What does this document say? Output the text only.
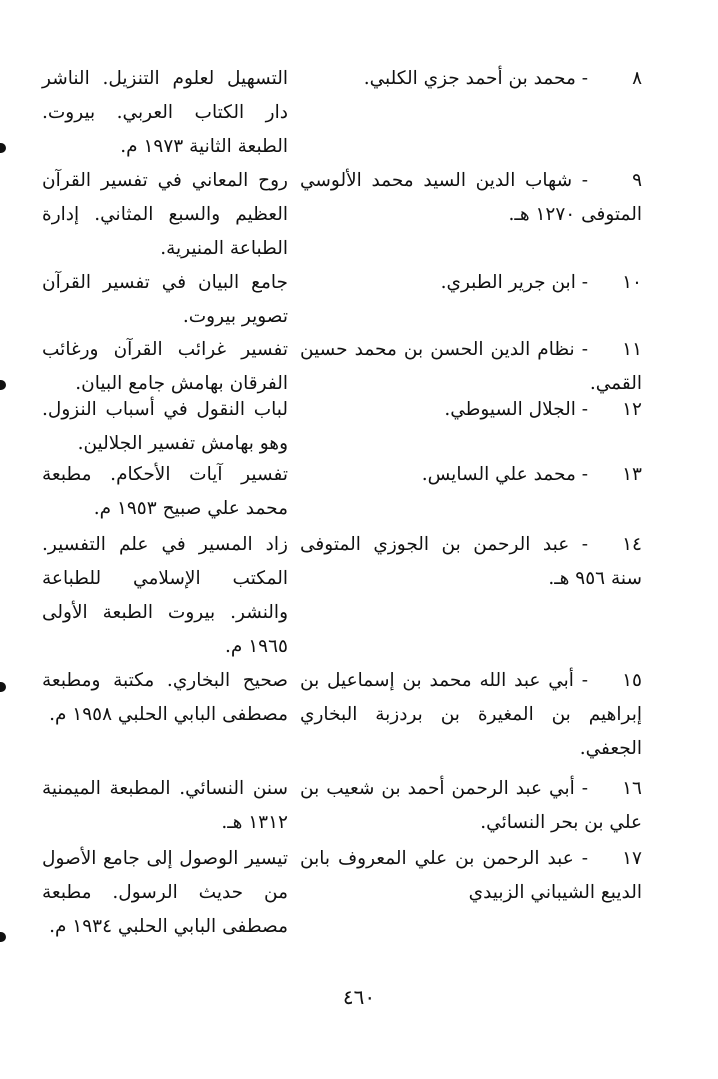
التسهيل لعلوم التنزيل. الناشر دار الكتاب العربي. بيروت. الطبعة الثانية ١٩٧٣ م.
٨- محمد بن أحمد جزي الكلبي.
روح المعاني في تفسير القرآن العظيم والسبع المثاني. إدارة الطباعة المنيرية.
٩- شهاب الدين السيد محمد الألوسي المتوفى ١٢٧٠ هـ.
جامع البيان في تفسير القرآن تصوير بيروت.
١٠- ابن جرير الطبري.
تفسير غرائب القرآن ورغائب الفرقان بهامش جامع البيان.
١١- نظام الدين الحسن بن محمد حسين القمي.
لباب النقول في أسباب النزول. وهو بهامش تفسير الجلالين.
١٢- الجلال السيوطي.
تفسير آيات الأحكام. مطبعة محمد علي صبيح ١٩٥٣ م.
١٣- محمد علي السايس.
زاد المسير في علم التفسير. المكتب الإسلامي للطباعة والنشر. بيروت الطبعة الأولى ١٩٦٥ م.
١٤- عبد الرحمن بن الجوزي المتوفى سنة ٩٥٦ هـ.
صحيح البخاري. مكتبة ومطبعة مصطفى البابي الحلبي ١٩٥٨ م.
١٥- أبي عبد الله محمد بن إسماعيل بن إبراهيم بن المغيرة بن بردزبة البخاري الجعفي.
سنن النسائي. المطبعة الميمنية ١٣١٢ هـ.
١٦- أبي عبد الرحمن أحمد بن شعيب بن علي بن بحر النسائي.
تيسير الوصول إلى جامع الأصول من حديث الرسول. مطبعة مصطفى البابي الحلبي ١٩٣٤ م.
١٧- عبد الرحمن بن علي المعروف بابن الديبع الشيباني الزبيدي
٤٦٠
